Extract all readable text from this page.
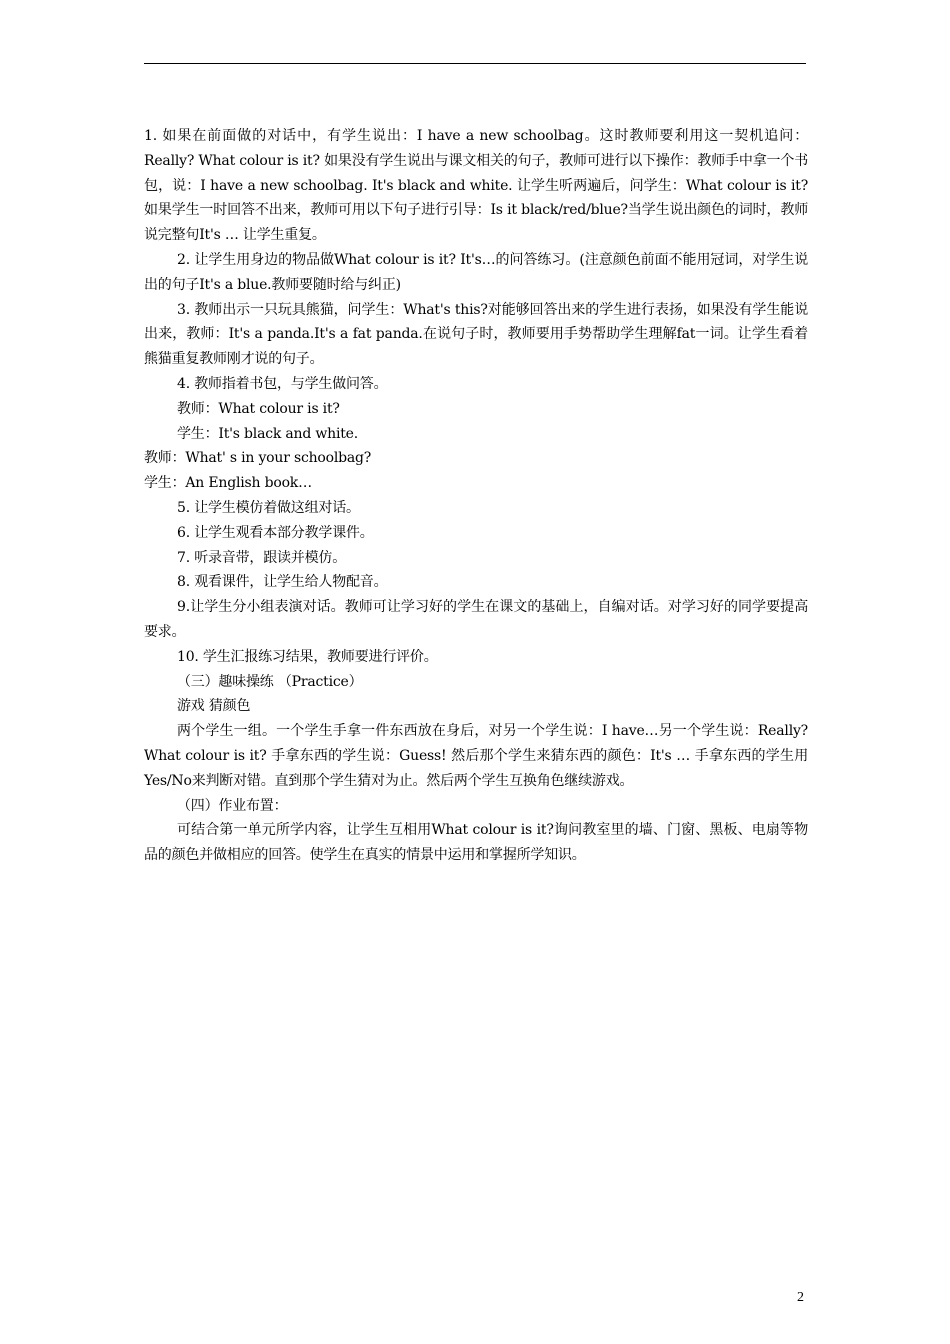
1. 如果在前面做的对话中，有学生说出：I have a new schoolbag。这时教师要利用这一契机追问：Really? What colour is it? 如果没有学生说出与课文相关的句子，教师可进行以下操作：教师手中拿一个书包，说：I have a new schoolbag. It's black and white. 让学生听两遍后，问学生：What colour is it? 如果学生一时回答不出来，教师可用以下句子进行引导：Is it black/red/blue?当学生说出颜色的词时，教师说完整句It's … 让学生重复。

2. 让学生用身边的物品做What colour is it? It's…的问答练习。(注意颜色前面不能用冠词，对学生说出的句子It's a blue.教师要随时给与纠正)

3. 教师出示一只玩具熊猫，问学生：What's this?对能够回答出来的学生进行表扬，如果没有学生能说出来，教师：It's a panda.It's a fat panda.在说句子时，教师要用手势帮助学生理解fat一词。让学生看着熊猫重复教师刚才说的句子。

4. 教师指着书包，与学生做问答。

教师：What colour is it?

学生：It's black and white.

教师：What' s in your schoolbag?

学生：An English book…

5. 让学生模仿着做这组对话。

6. 让学生观看本部分教学课件。

7. 听录音带，跟读并模仿。

8. 观看课件，让学生给人物配音。

9.让学生分小组表演对话。教师可让学习好的学生在课文的基础上，自编对话。对学习好的同学要提高要求。

10. 学生汇报练习结果，教师要进行评价。

（三）趣味操练 （Practice）

游戏 猜颜色

两个学生一组。一个学生手拿一件东西放在身后，对另一个学生说：I have…另一个学生说：Really? What colour is it? 手拿东西的学生说：Guess! 然后那个学生来猜东西的颜色：It's … 手拿东西的学生用Yes/No来判断对错。直到那个学生猜对为止。然后两个学生互换角色继续游戏。

（四）作业布置：

可结合第一单元所学内容，让学生互相用What colour is it?询问教室里的墙、门窗、黑板、电扇等物品的颜色并做相应的回答。使学生在真实的情景中运用和掌握所学知识。

2
